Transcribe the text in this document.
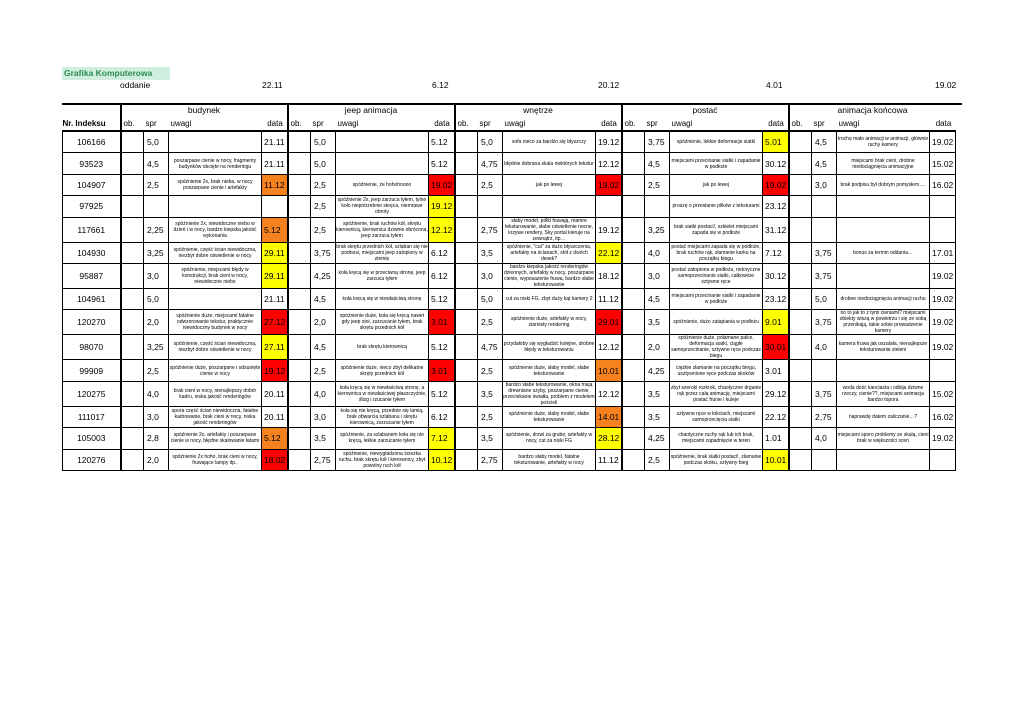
Grafika Komputerowa
oddanie	22.11	6.12	20.12	4.01	19.02
	budynek				jeep animacja				wnętrze				postać				animacja końcowa			
Nr. Indeksu	ob.	spr	uwagi	data	ob.	spr	uwagi	data	ob.	spr	uwagi	data	ob.	spr	uwagi	data	ob.	spr	uwagi	data
106166		5,0		21.11		5,0		5.12		5,0	sofa nieco za bardzo się błyszczy	19.12		3,75	spóźnienie, lekkie deformacje siatki	5.01		4,5	trochę mało animacji w animacji, głównie ruchy kamery	19.02
93523		4,5	poszarpane cienie w nocy, fragmenty budynków obcięte na renderingu	21.11		5,0		5.12		4,75	błędnie dobrana skala niektórych tekstur	12.12		4,5	miejscami przecinanie siatki i zapadanie w podłoże	30.12		4,5	miejscami brak cieni, drobne niedociągnięcia animacyjne	15.02
104907		2,5	spóźnienie 2x, brak nieba, w nocy poszarpane cienie i artefakty	11.12		2,5	spóźnienie, że hohohoooo	19.02		2,5	jak po lewej	19.02		2,5	jak po lewej	19.02		3,0	brak podpisu był dobrym pomysłem….	16.02
97925						2,5	spóźnienie 2x, jeep zarzuca tyłem, tylne koło niepotrzebnie skręca, niemrawe obroty	19.12							proszę o przesłanie plików z teksturami	23.12				
117661		2,25	spóźnienie 2x, niewidoczne niebo w dzień i w nocy, bardzo kiepska jakość wykonania	5.12		2,5	spóźnienie, brak ruchów kół, skrętu kierownicą, kierownica dziwnie obrócona, jeep zarzuca tyłem	12.12		2,75	słaby model, półki fruwają, mamre teksturowanie, słabe oświetlenie nocne, krzywe rendery, Sky portal kieruje na zewnątrz, itp…	19.12		3,25	brak siatki postaci!, szkielet miejscami zapada się w podłoże	31.12				
104930		3,25	spóźnienie, część ścian niewidoczna, niezbyt dobre oświetlenie w nocy	29.11		3,75	brak skrętu przednich kół, szlaban się nie podnosi, miejscami jeep zatopiony w ziemię	6.12		3,5	spóźnienie, "cut" za dużo błyszczenia, artefakty na ścianach, stół z dwóch desek?	22.12		4,0	postać miejscami zapada się w podłoże, brak ruchów rąk, złamanie karku na początku biegu	7.12		3,75	bonus za termin oddania…	17.01
95887		3,0	spóźnienie, miejscami błędy w konstrukcji, brak cieni w nocy, niewidoczne niebo	29.11		4,25	koła kręcą się w przeciwną stronę, jeep zarzuca tyłem	6.12		3,0	bardzo kiepska jakość renderingów dziennych, artefakty w nocy, poszarpane cienie, wyposażenie fruwa, bardzo słabe teksturowanie	18.12		3,0	postać zatopiona w podłożu, notoryczne samoprzecinanie siatki, całkowicie sztywne ręce	30.12		3,75		19.02
104961		5,0		21.11		4,5	koła kręcą się w niewłaściwą stronę	5.12		5,0	cut za niski FG, zbyt duży kąt kamery 2	11.12		4,5	miejscami przecinanie siatki i zapadanie w podłoże	23.12		5,0	drobne niedociągnięcia animacji ruchu	19.02
120270		2,0	spóźnienie duże, miejscami fatalne odwzorowanie tekstur, praktycznie niewidoczny budynek w nocy	27.12		2,0	spóźnienie duże, koła się kręcą nawet gdy jeep stoi, zarzucanie tyłem, brak skrętu przednich kół	3.01		2,5	spóźnienie duże, artefakty w nocy, ziarnisty rendering	29.01		3,5	spóźnienie, dużo zatapiania w podłożu	9.01		3,75	no to jak to z tymi cieniami? miejscami obiekty wiszą w powietrzu i się ze sobą przenikają, takie sobie prowadzenie kamery	19.02
98070		3,25	spóźnienie, część ścian niewidoczna, niezbyt dobre oświetlenie w nocy	27.11		4,5	brak skrętu kierownicą	5.12		4,75	przydałoby się wygładzić kolejne, drobne błędy w teksturowaniu	12.12		2,0	spóźnienie duże, połamane palce, deformacja siatki, ciągłe samoprzecinanie, sztywne ręce podczas biegu	30.01		4,0	kamera fruwa jak oszalała, nienajlepsze teksturowanie zieleni	19.02
99909		2,5	spóźnienie duże, poszarpane i odsunięte cienie w nocy	19.12		2,5	spóźnienie duże, nieco zbyt delikatne skręty przednich kół	3.01		2,5	spóźnienie duże, słaby model, słabe teksturowanie	10.01		4,25	ciężkie złamanie na początku biegu, usztywnione ręce podczas skoków	3.01				
120275		4,0	brak cieni w nocy, nienajlepszy dobór kadru, niska jakość renderingów	20.11		4,0	koła kręcą się w niewłaściwą stronę, a kierownica w niewłaściwej płaszczyźnie, ślizg i rzucanie tyłem	5.12		3,5	bardzo słabe teksturowanie, okna mają drewniane szyby, poszarpane cienie, przeciekanie światła, problem z modelem pościeli	12.12		3,5	zbyt szeroki rozkrok, chaotyczne drganie rąk przez całą animację, miejscami postać frunie i kuleje	29.12		3,75	woda dość kanciasta i odbija dziwne rzeczy, cienie??, miejscami animacja bardzo topora	15.02
111017		3,0	spora część ścian niewidoczna, fatalne kadrowanie, brak cieni w nocy, niska jakość renderingów	20.11		3,0	koła się nie kręcą, przednie się lamią, brak obwarcia szlabanu i skrętu kierownicą, zarzucanie tyłem	6.12		2,5	spóźnienie duże, słaby model, słabe teksturowanie	14.01		3,5	sztywne ręce w łokciach, miejscami samoprzecięcia siatki	22.12		2,75	naprawdę datem zaliczanie…?	16.02
105003		2,8	spóźnienie 2x, artefakty i poszarpane cienie w nocy, błędne skalowanie łatami	5.12		3,5	spóźnienie, za szlabanem koła się nie kręcą, lekkie zarzucanie tyłem	7.12		3,5	spóźnienie, drzwi za grube, artefakty w nocy, cut za niski FG	28.12		4,25	chaotyczne ruchy rąk lub ich brak, miejscami zapadnięcie w teren	1.01		4,0	miejscami sporo problemy ze skalą, cieni brak w większości scen	19.02
120276		2,0	spóźnienie 2x hoho, brak cieni w nocy, fruwające lampy itp..	18.02		2,75	spóźnienie, niewygładzona ścieżka ruchu, brak skrętu kół i kierownicy, zbyt powolny ruch kół	10.12		2,75	bardzo słaby model, fatalne teksturowanie, artefakty w nocy	11.12		2,5	spóźnienie, brak siatki postaci!, złamanie podczas skoku, sztywny bieg	10.01				
